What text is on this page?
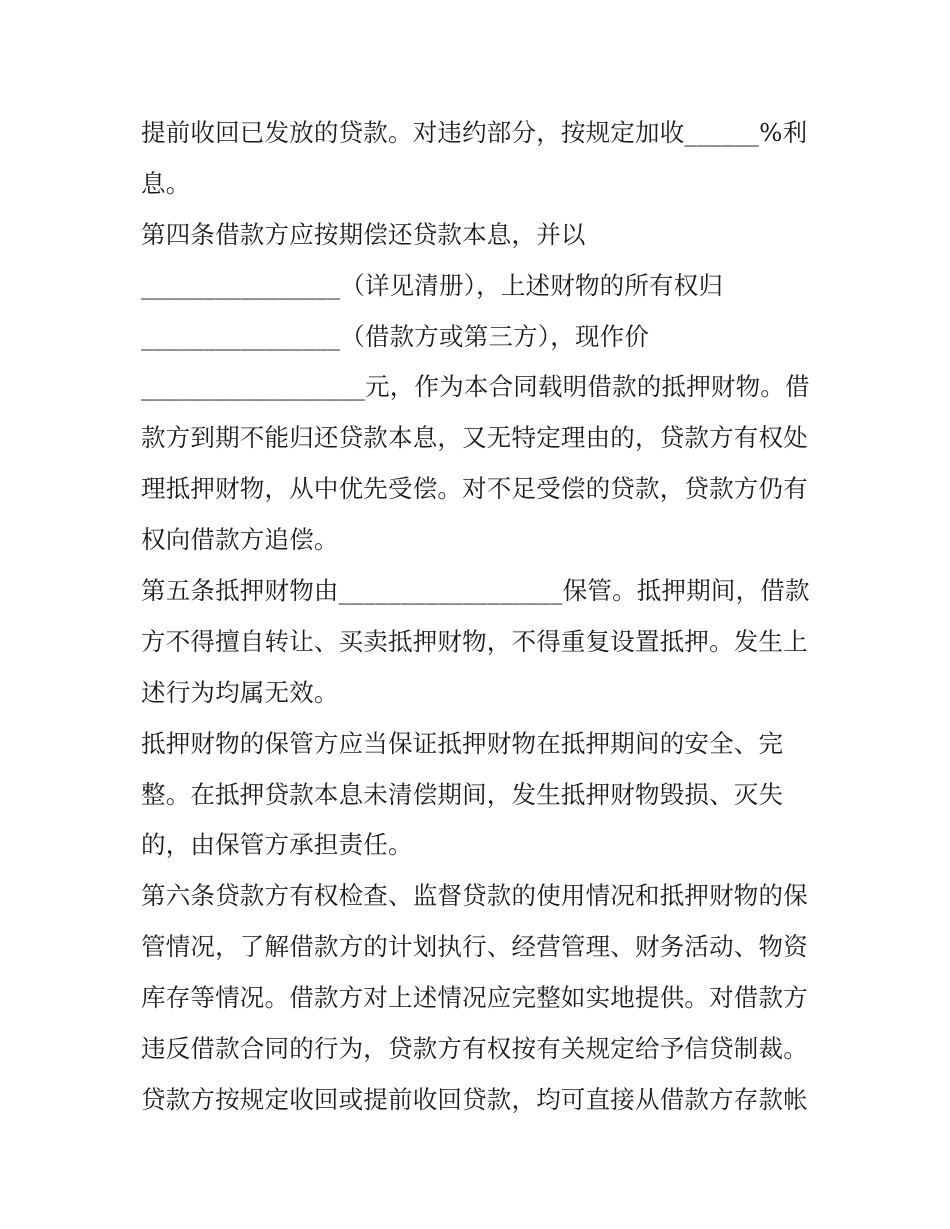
提前收回已发放的贷款。对违约部分，按规定加收______%利
息。
第四条借款方应按期偿还贷款本息，并以
________________（详见清册），上述财物的所有权归
________________（借款方或第三方），现作价
__________________元，作为本合同载明借款的抵押财物。借
款方到期不能归还贷款本息，又无特定理由的，贷款方有权处
理抵押财物，从中优先受偿。对不足受偿的贷款，贷款方仍有
权向借款方追偿。
第五条抵押财物由__________________保管。抵押期间，借款
方不得擅自转让、买卖抵押财物，不得重复设置抵押。发生上
述行为均属无效。
抵押财物的保管方应当保证抵押财物在抵押期间的安全、完
整。在抵押贷款本息未清偿期间，发生抵押财物毁损、灭失
的，由保管方承担责任。
第六条贷款方有权检查、监督贷款的使用情况和抵押财物的保
管情况，了解借款方的计划执行、经营管理、财务活动、物资
库存等情况。借款方对上述情况应完整如实地提供。对借款方
违反借款合同的行为，贷款方有权按有关规定给予信贷制裁。
贷款方按规定收回或提前收回贷款，均可直接从借款方存款帐
